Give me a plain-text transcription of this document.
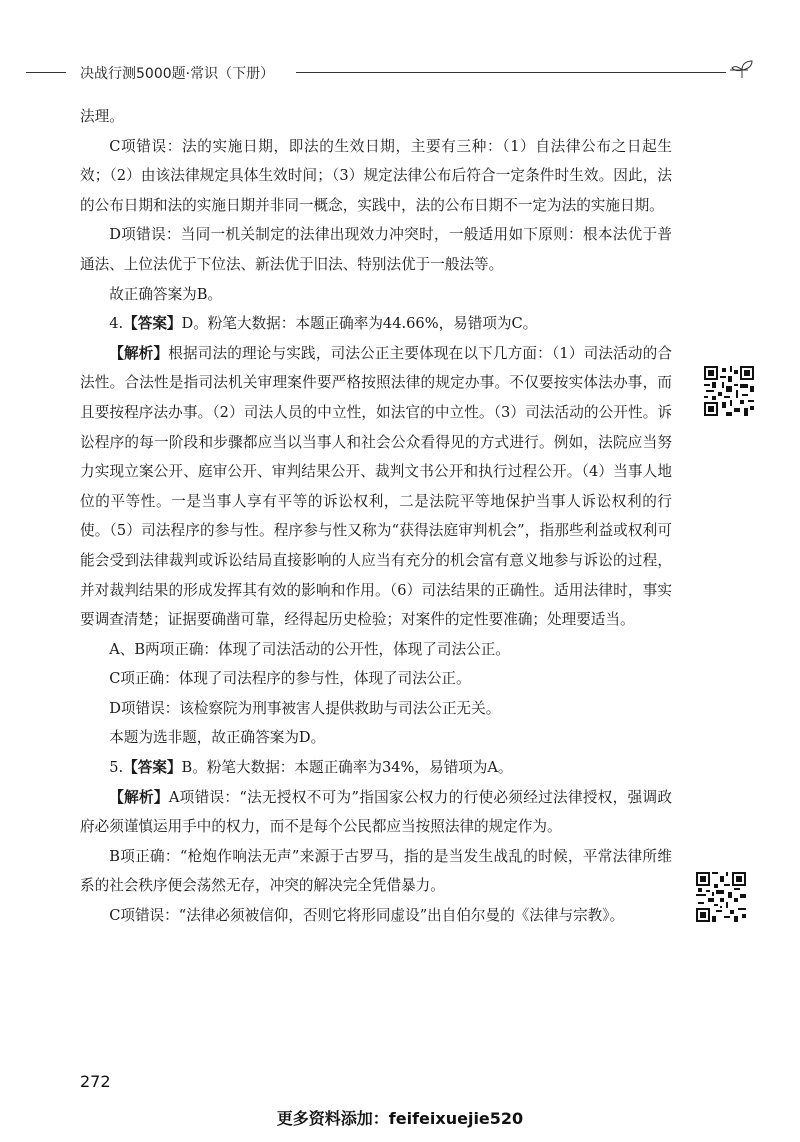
决战行测5000题·常识（下册）

法理。

C项错误：法的实施日期，即法的生效日期，主要有三种：（1）自法律公布之日起生效；（2）由该法律规定具体生效时间；（3）规定法律公布后符合一定条件时生效。因此，法的公布日期和法的实施日期并非同一概念，实践中，法的公布日期不一定为法的实施日期。

D项错误：当同一机关制定的法律出现效力冲突时，一般适用如下原则：根本法优于普通法、上位法优于下位法、新法优于旧法、特别法优于一般法等。

故正确答案为B。

4.【答案】D。粉笔大数据：本题正确率为44.66%，易错项为C。

【解析】根据司法的理论与实践，司法公正主要体现在以下几方面：（1）司法活动的合法性。合法性是指司法机关审理案件要严格按照法律的规定办事。不仅要按实体法办事，而且要按程序法办事。（2）司法人员的中立性，如法官的中立性。（3）司法活动的公开性。诉讼程序的每一阶段和步骤都应当以当事人和社会公众看得见的方式进行。例如，法院应当努力实现立案公开、庭审公开、审判结果公开、裁判文书公开和执行过程公开。（4）当事人地位的平等性。一是当事人享有平等的诉讼权利，二是法院平等地保护当事人诉讼权利的行使。（5）司法程序的参与性。程序参与性又称为“获得法庭审判机会”，指那些利益或权利可能会受到法律裁判或诉讼结局直接影响的人应当有充分的机会富有意义地参与诉讼的过程，并对裁判结果的形成发挥其有效的影响和作用。（6）司法结果的正确性。适用法律时，事实要调查清楚；证据要确凿可靠，经得起历史检验；对案件的定性要准确；处理要适当。

A、B两项正确：体现了司法活动的公开性，体现了司法公正。

C项正确：体现了司法程序的参与性，体现了司法公正。

D项错误：该检察院为刑事被害人提供救助与司法公正无关。

本题为选非题，故正确答案为D。

5.【答案】B。粉笔大数据：本题正确率为34%，易错项为A。

【解析】A项错误：“法无授权不可为”指国家公权力的行使必须经过法律授权，强调政府必须谨慎运用手中的权力，而不是每个公民都应当按照法律的规定作为。

B项正确：“枪炮作响法无声”来源于古罗马，指的是当发生战乱的时候，平常法律所维系的社会秩序便会荡然无存，冲突的解决完全凭借暴力。

C项错误：“法律必须被信仰，否则它将形同虚设”出自伯尔曼的《法律与宗教》。

272
更多资料添加：feifeixuejie520
